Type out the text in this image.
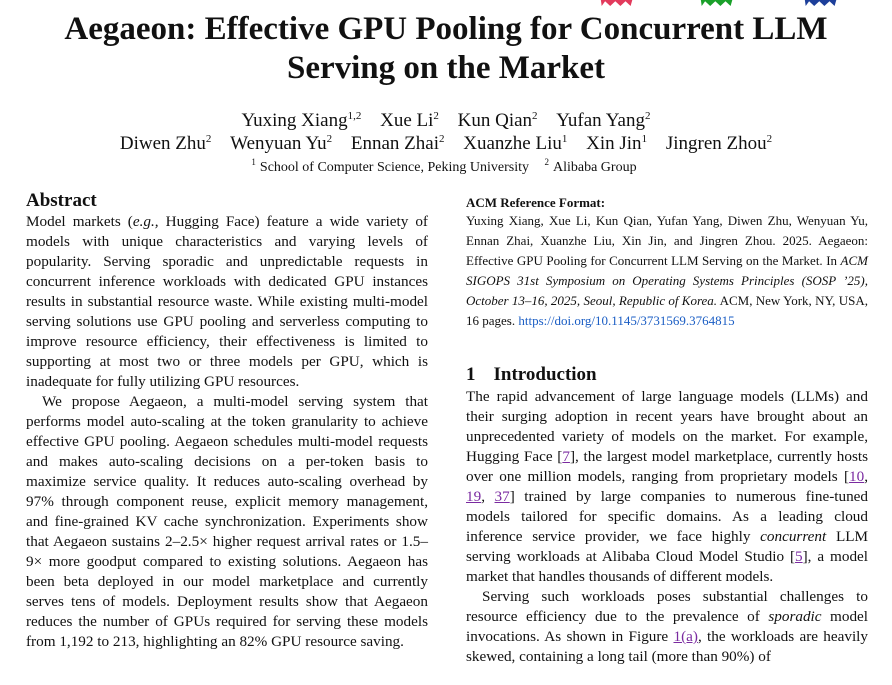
Aegaeon: Effective GPU Pooling for Concurrent LLM Serving on the Market
Yuxing Xiang$^{1,2}$ Xue Li$^2$ Kun Qian$^2$ Yufan Yang$^2$
Diwen Zhu$^2$ Wenyuan Yu$^2$ Ennan Zhai$^2$ Xuanzhe Liu$^1$ Xin Jin$^1$ Jingren Zhou$^2$
$^1$ School of Computer Science, Peking University $^2$ Alibaba Group
Abstract

Model markets (e.g., Hugging Face) feature a wide variety of models with unique characteristics and varying levels of popularity. Serving sporadic and unpredictable requests in concurrent inference workloads with dedicated GPU instances results in substantial resource waste. While existing multi-model serving solutions use GPU pooling and serverless computing to improve resource efficiency, their effectiveness is limited to supporting at most two or three models per GPU, which is inadequate for fully utilizing GPU resources.

We propose Aegaeon, a multi-model serving system that performs model auto-scaling at the token granularity to achieve effective GPU pooling. Aegaeon schedules multi-model requests and makes auto-scaling decisions on a per-token basis to maximize service quality. It reduces auto-scaling overhead by 97% through component reuse, explicit memory management, and fine-grained KV cache synchronization. Experiments show that Aegaeon sustains 2–2.5× higher request arrival rates or 1.5–9× more goodput compared to existing solutions. Aegaeon has been beta deployed in our model marketplace and currently serves tens of models. Deployment results show that Aegaeon reduces the number of GPUs required for serving these models from 1,192 to 213, highlighting an 82% GPU resource saving.

ACM Reference Format:

Yuxing Xiang, Xue Li, Kun Qian, Yufan Yang, Diwen Zhu, Wenyuan Yu, Ennan Zhai, Xuanzhe Liu, Xin Jin, and Jingren Zhou. 2025. Aegaeon: Effective GPU Pooling for Concurrent LLM Serving on the Market. In ACM SIGOPS 31st Symposium on Operating Systems Principles (SOSP ’25), October 13–16, 2025, Seoul, Republic of Korea. ACM, New York, NY, USA, 16 pages. https://doi.org/10.1145/3731569.3764815

1 Introduction

The rapid advancement of large language models (LLMs) and their surging adoption in recent years have brought about an unprecedented variety of models on the market. For example, Hugging Face [7], the largest model marketplace, currently hosts over one million models, ranging from proprietary models [10, 19, 37] trained by large companies to numerous fine-tuned models tailored for specific domains. As a leading cloud inference service provider, we face highly concurrent LLM serving workloads at Alibaba Cloud Model Studio [5], a model market that handles thousands of different models.

Serving such workloads poses substantial challenges to resource efficiency due to the prevalence of sporadic model invocations. As shown in Figure 1(a), the workloads are heavily skewed, containing a long tail (more than 90%) of
